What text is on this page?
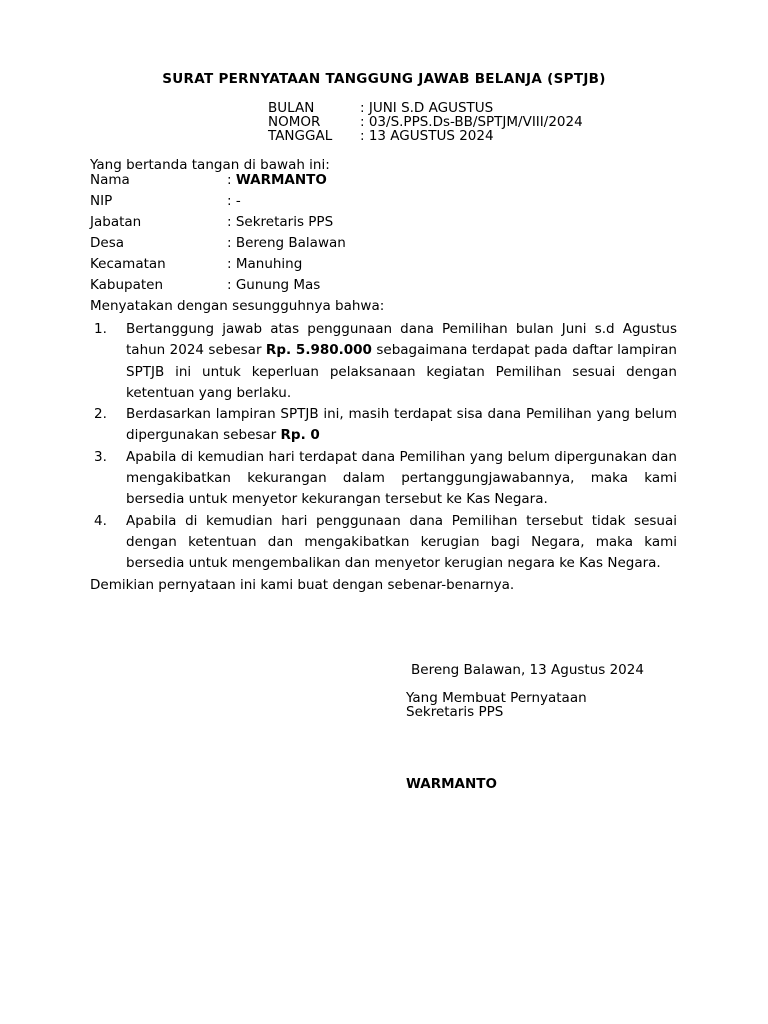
SURAT PERNYATAAN TANGGUNG JAWAB BELANJA (SPTJB)
BULAN	: JUNI S.D AGUSTUS
NOMOR	: 03/S.PPS.Ds-BB/SPTJM/VIII/2024
TANGGAL : 13 AGUSTUS 2024
Yang bertanda tangan di bawah ini:
Nama	: WARMANTO
NIP	: -
Jabatan	: Sekretaris PPS
Desa	: Bereng Balawan
Kecamatan	: Manuhing
Kabupaten	: Gunung Mas
Menyatakan dengan sesungguhnya bahwa:
1. Bertanggung jawab atas penggunaan dana Pemilihan bulan Juni s.d Agustus tahun 2024 sebesar Rp. 5.980.000 sebagaimana terdapat pada daftar lampiran SPTJB ini untuk keperluan pelaksanaan kegiatan Pemilihan sesuai dengan ketentuan yang berlaku.
2. Berdasarkan lampiran SPTJB ini, masih terdapat sisa dana Pemilihan yang belum dipergunakan sebesar Rp. 0
3. Apabila di kemudian hari terdapat dana Pemilihan yang belum dipergunakan dan mengakibatkan kekurangan dalam pertanggungjawabannya, maka kami bersedia untuk menyetor kekurangan tersebut ke Kas Negara.
4. Apabila di kemudian hari penggunaan dana Pemilihan tersebut tidak sesuai dengan ketentuan dan mengakibatkan kerugian bagi Negara, maka kami bersedia untuk mengembalikan dan menyetor kerugian negara ke Kas Negara.
Demikian pernyataan ini kami buat dengan sebenar-benarnya.
Bereng Balawan, 13 Agustus 2024
Yang Membuat Pernyataan
Sekretaris PPS
WARMANTO
